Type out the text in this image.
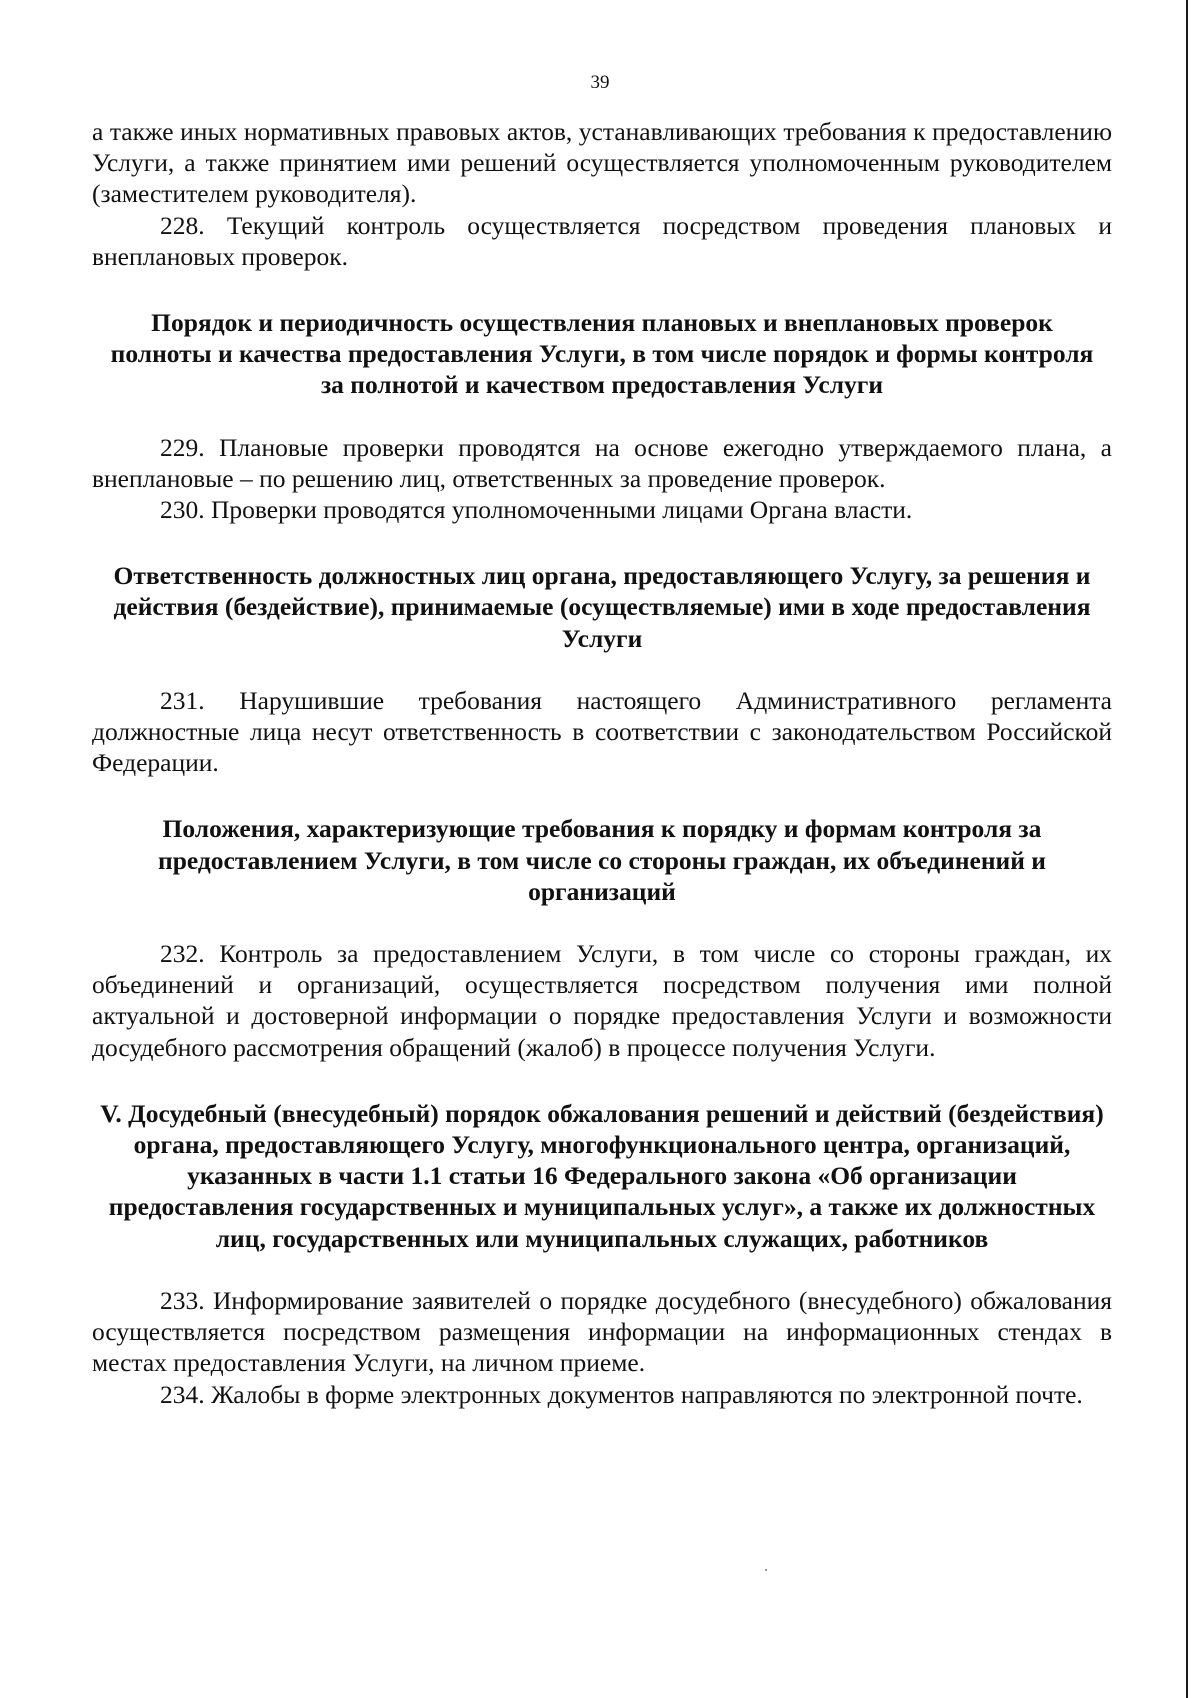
39

а также иных нормативных правовых актов, устанавливающих требования к предоставлению Услуги, а также принятием ими решений осуществляется уполномоченным руководителем (заместителем руководителя).

228. Текущий контроль осуществляется посредством проведения плановых и внеплановых проверок.

Порядок и периодичность осуществления плановых и внеплановых проверок полноты и качества предоставления Услуги, в том числе порядок и формы контроля за полнотой и качеством предоставления Услуги

229. Плановые проверки проводятся на основе ежегодно утверждаемого плана, а внеплановые – по решению лиц, ответственных за проведение проверок.

230. Проверки проводятся уполномоченными лицами Органа власти.

Ответственность должностных лиц органа, предоставляющего Услугу, за решения и действия (бездействие), принимаемые (осуществляемые) ими в ходе предоставления Услуги

231. Нарушившие требования настоящего Административного регламента должностные лица несут ответственность в соответствии с законодательством Российской Федерации.

Положения, характеризующие требования к порядку и формам контроля за предоставлением Услуги, в том числе со стороны граждан, их объединений и организаций

232. Контроль за предоставлением Услуги, в том числе со стороны граждан, их объединений и организаций, осуществляется посредством получения ими полной актуальной и достоверной информации о порядке предоставления Услуги и возможности досудебного рассмотрения обращений (жалоб) в процессе получения Услуги.

V. Досудебный (внесудебный) порядок обжалования решений и действий (бездействия) органа, предоставляющего Услугу, многофункционального центра, организаций, указанных в части 1.1 статьи 16 Федерального закона «Об организации предоставления государственных и муниципальных услуг», а также их должностных лиц, государственных или муниципальных служащих, работников

233. Информирование заявителей о порядке досудебного (внесудебного) обжалования осуществляется посредством размещения информации на информационных стендах в местах предоставления Услуги, на личном приеме.

234. Жалобы в форме электронных документов направляются по электронной почте.
